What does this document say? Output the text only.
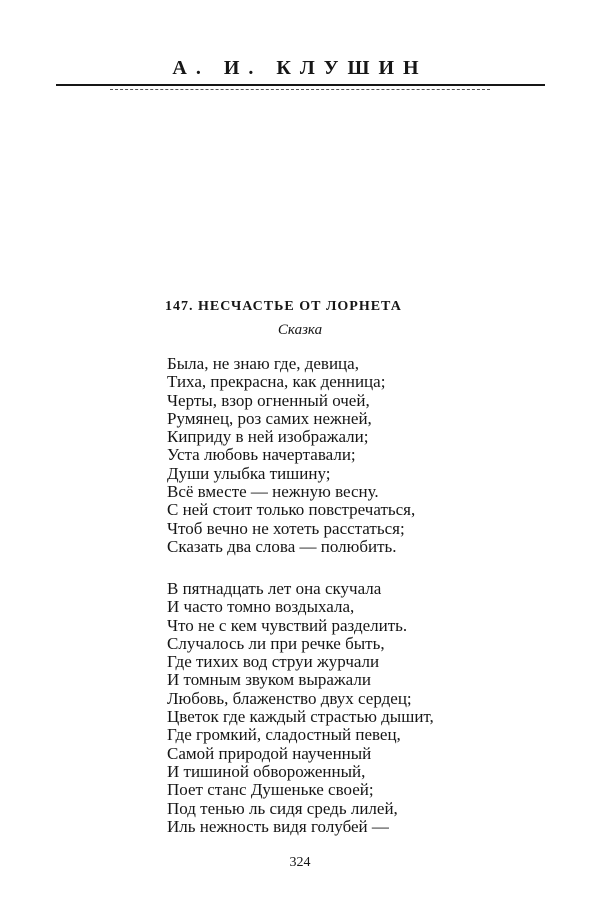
А. И. КЛУШИН
147. НЕСЧАСТЬЕ ОТ ЛОРНЕТА
Сказка
Была, не знаю где, девица,
Тиха, прекрасна, как денница;
Черты, взор огненный очей,
Румянец, роз самих нежней,
Киприду в ней изображали;
Уста любовь начертавали;
Души улыбка тишину;
Всё вместе — нежную весну.
С ней стоит только повстречаться,
Чтоб вечно не хотеть расстаться;
Сказать два слова — полюбить.
В пятнадцать лет она скучала
И часто томно воздыхала,
Что не с кем чувствий разделить.
Случалось ли при речке быть,
Где тихих вод струи журчали
И томным звуком выражали
Любовь, блаженство двух сердец;
Цветок где каждый страстью дышит,
Где громкий, сладостный певец,
Самой природой наученный
И тишиной обвороженный,
Поет станс Душеньке своей;
Под тенью ль сидя средь лилей,
Иль нежность видя голубей —
324
